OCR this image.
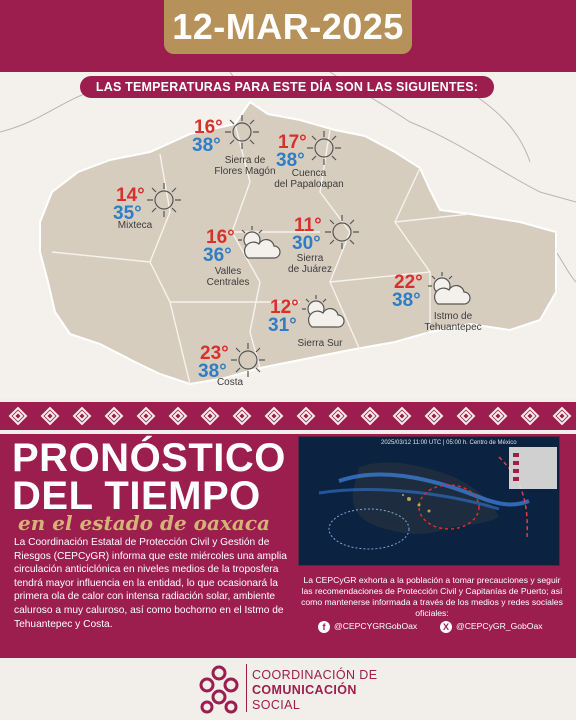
12-MAR-2025
LAS TEMPERATURAS PARA ESTE DÍA SON LAS SIGUIENTES:
16°
38°
Sierra de
Flores Magón
17°
38°
Cuenca
del Papaloapan
14°
35°
Mixteca
16°
36°
Valles
Centrales
11°
30°
Sierra
de Juárez
22°
38°
Istmo de
Tehuantepec
12°
31°
Sierra Sur
23°
38°
Costa
PRONÓSTICO
DEL TIEMPO
en el estado de oaxaca
La Coordinación Estatal de Protección Civil y Gestión de Riesgos (CEPCyGR) informa que este miércoles una amplia circulación anticiclónica en niveles medios de la troposfera tendrá mayor influencia en la entidad, lo que ocasionará la primera ola de calor con intensa radiación solar, ambiente caluroso a muy caluroso, así como bochorno en el Istmo de Tehuantepec y Costa.
2025/03/12 11:00 UTC | 05:00 h. Centro de México
La CEPCyGR exhorta a la población a tomar precauciones y seguir las recomendaciones de Protección Civil y Capitanías de Puerto; así como mantenerse informada a través de los medios y redes sociales oficiales:
f @CEPCYGRGobOax	X @CEPCyGR_GobOax
COORDINACIÓN DE
COMUNICACIÓN
SOCIAL
